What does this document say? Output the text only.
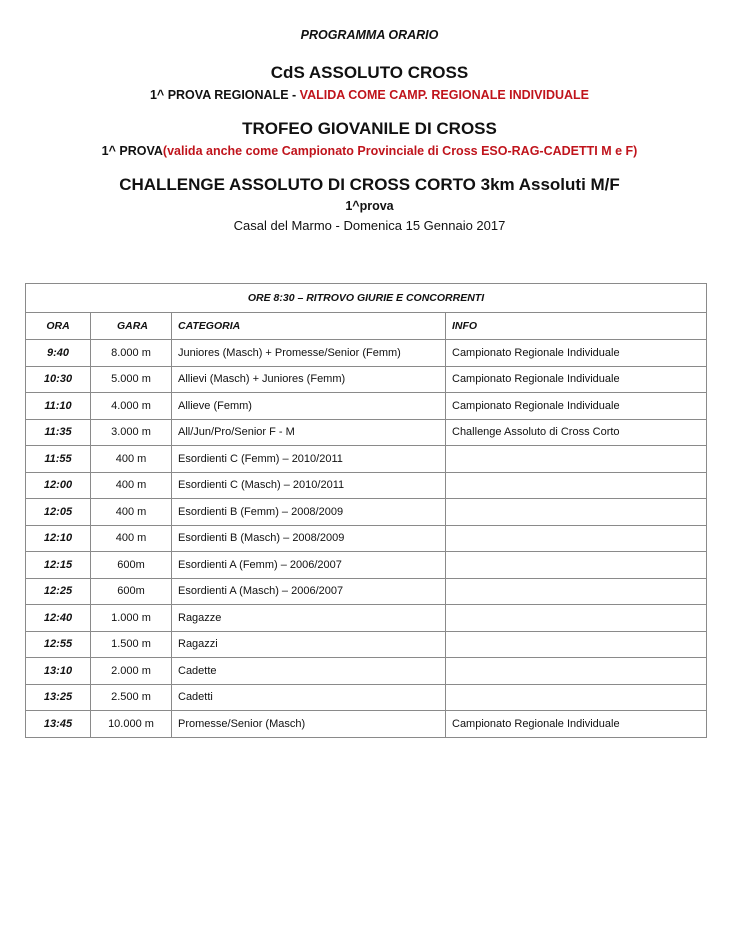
PROGRAMMA ORARIO
CdS ASSOLUTO CROSS
1^ PROVA REGIONALE - VALIDA COME CAMP. REGIONALE INDIVIDUALE
TROFEO GIOVANILE DI CROSS
1^ PROVA(valida anche come Campionato Provinciale di Cross ESO-RAG-CADETTI M e F)
CHALLENGE ASSOLUTO DI CROSS CORTO 3km Assoluti M/F
1^prova
Casal del Marmo - Domenica 15 Gennaio 2017
ORE 8:30 – RITROVO GIURIE E CONCORRENTI			
ORA	GARA	CATEGORIA	INFO
9:40	8.000 m	Juniores (Masch) + Promesse/Senior (Femm)	Campionato Regionale Individuale
10:30	5.000 m	Allievi (Masch) + Juniores (Femm)	Campionato Regionale Individuale
11:10	4.000 m	Allieve (Femm)	Campionato Regionale Individuale
11:35	3.000 m	All/Jun/Pro/Senior F - M	Challenge Assoluto di Cross Corto
11:55	400 m	Esordienti C (Femm) – 2010/2011	
12:00	400 m	Esordienti C (Masch) – 2010/2011	
12:05	400 m	Esordienti B (Femm) – 2008/2009	
12:10	400 m	Esordienti B (Masch) – 2008/2009	
12:15	600m	Esordienti A (Femm) – 2006/2007	
12:25	600m	Esordienti A (Masch) – 2006/2007	
12:40	1.000 m	Ragazze	
12:55	1.500 m	Ragazzi	
13:10	2.000 m	Cadette	
13:25	2.500 m	Cadetti	
13:45	10.000 m	Promesse/Senior (Masch)	Campionato Regionale Individuale
